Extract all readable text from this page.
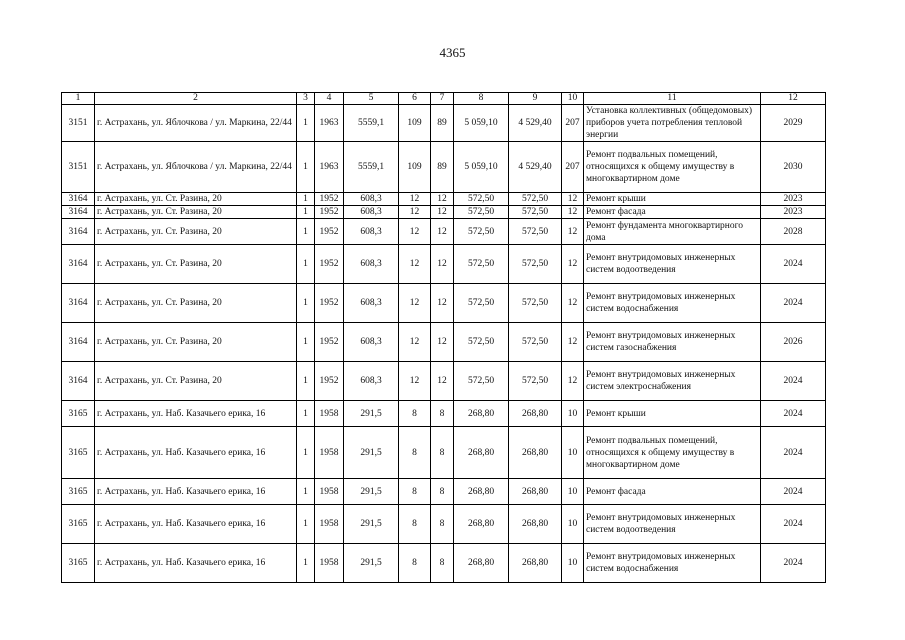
4365
1	2	3	4	5	6	7	8	9	10	11	12
3151	г. Астрахань, ул. Яблочкова / ул. Маркина, 22/44	1	1963	5559,1	109	89	5 059,10	4 529,40	207	Установка коллективных (общедомовых) приборов учета потребления тепловой энергии	2029
3151	г. Астрахань, ул. Яблочкова / ул. Маркина, 22/44	1	1963	5559,1	109	89	5 059,10	4 529,40	207	Ремонт подвальных помещений, относящихся к общему имуществу в многоквартирном доме	2030
3164	г. Астрахань, ул. Ст. Разина, 20	1	1952	608,3	12	12	572,50	572,50	12	Ремонт крыши	2023
3164	г. Астрахань, ул. Ст. Разина, 20	1	1952	608,3	12	12	572,50	572,50	12	Ремонт фасада	2023
3164	г. Астрахань, ул. Ст. Разина, 20	1	1952	608,3	12	12	572,50	572,50	12	Ремонт фундамента многоквартирного дома	2028
3164	г. Астрахань, ул. Ст. Разина, 20	1	1952	608,3	12	12	572,50	572,50	12	Ремонт внутридомовых инженерных систем водоотведения	2024
3164	г. Астрахань, ул. Ст. Разина, 20	1	1952	608,3	12	12	572,50	572,50	12	Ремонт внутридомовых инженерных систем водоснабжения	2024
3164	г. Астрахань, ул. Ст. Разина, 20	1	1952	608,3	12	12	572,50	572,50	12	Ремонт внутридомовых инженерных систем газоснабжения	2026
3164	г. Астрахань, ул. Ст. Разина, 20	1	1952	608,3	12	12	572,50	572,50	12	Ремонт внутридомовых инженерных систем электроснабжения	2024
3165	г. Астрахань, ул. Наб. Казачьего ерика, 16	1	1958	291,5	8	8	268,80	268,80	10	Ремонт крыши	2024
3165	г. Астрахань, ул. Наб. Казачьего ерика, 16	1	1958	291,5	8	8	268,80	268,80	10	Ремонт подвальных помещений, относящихся к общему имуществу в многоквартирном доме	2024
3165	г. Астрахань, ул. Наб. Казачьего ерика, 16	1	1958	291,5	8	8	268,80	268,80	10	Ремонт фасада	2024
3165	г. Астрахань, ул. Наб. Казачьего ерика, 16	1	1958	291,5	8	8	268,80	268,80	10	Ремонт внутридомовых инженерных систем водоотведения	2024
3165	г. Астрахань, ул. Наб. Казачьего ерика, 16	1	1958	291,5	8	8	268,80	268,80	10	Ремонт внутридомовых инженерных систем водоснабжения	2024
